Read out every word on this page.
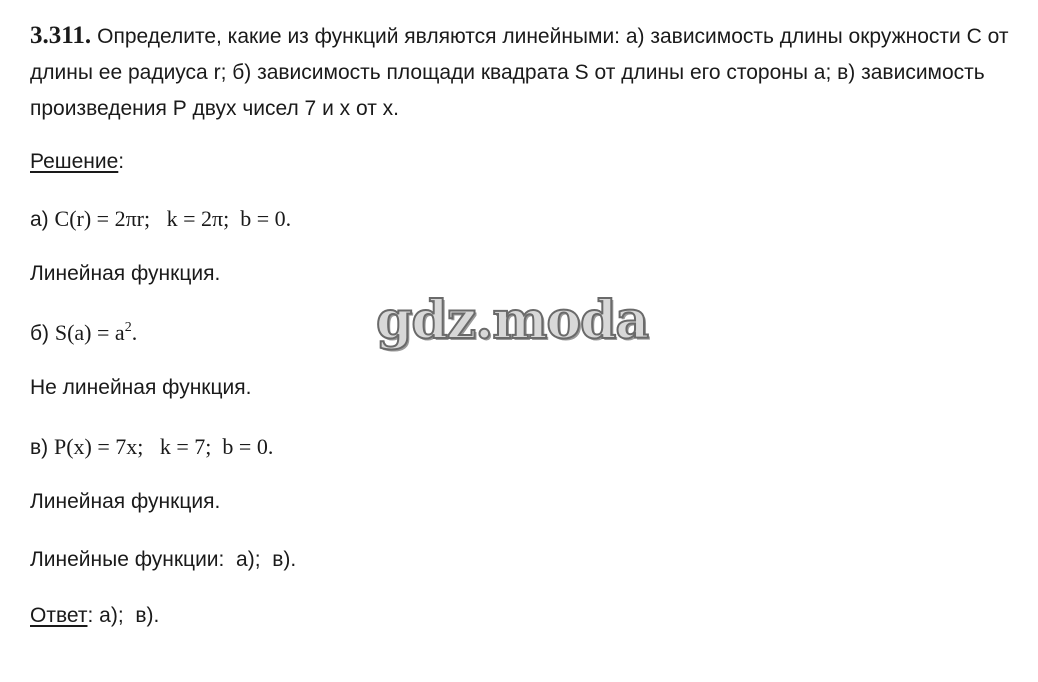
3.311. Определите, какие из функций являются линейными: а) зависимость длины окружности С от длины ее радиуса r; б) зависимость площади квадрата S от длины его стороны а; в) зависимость произведения Р двух чисел 7 и x от x.

Решение:
а) C(r) = 2πr;   k = 2π;  b = 0.
Линейная функция.
б) $S(a) = a^2$.
Не линейная функция.
в) P(x) = 7x;   k = 7;  b = 0.
Линейная функция.
Линейные функции:  а);  в).
Ответ: а);  в).
gdz.moda
